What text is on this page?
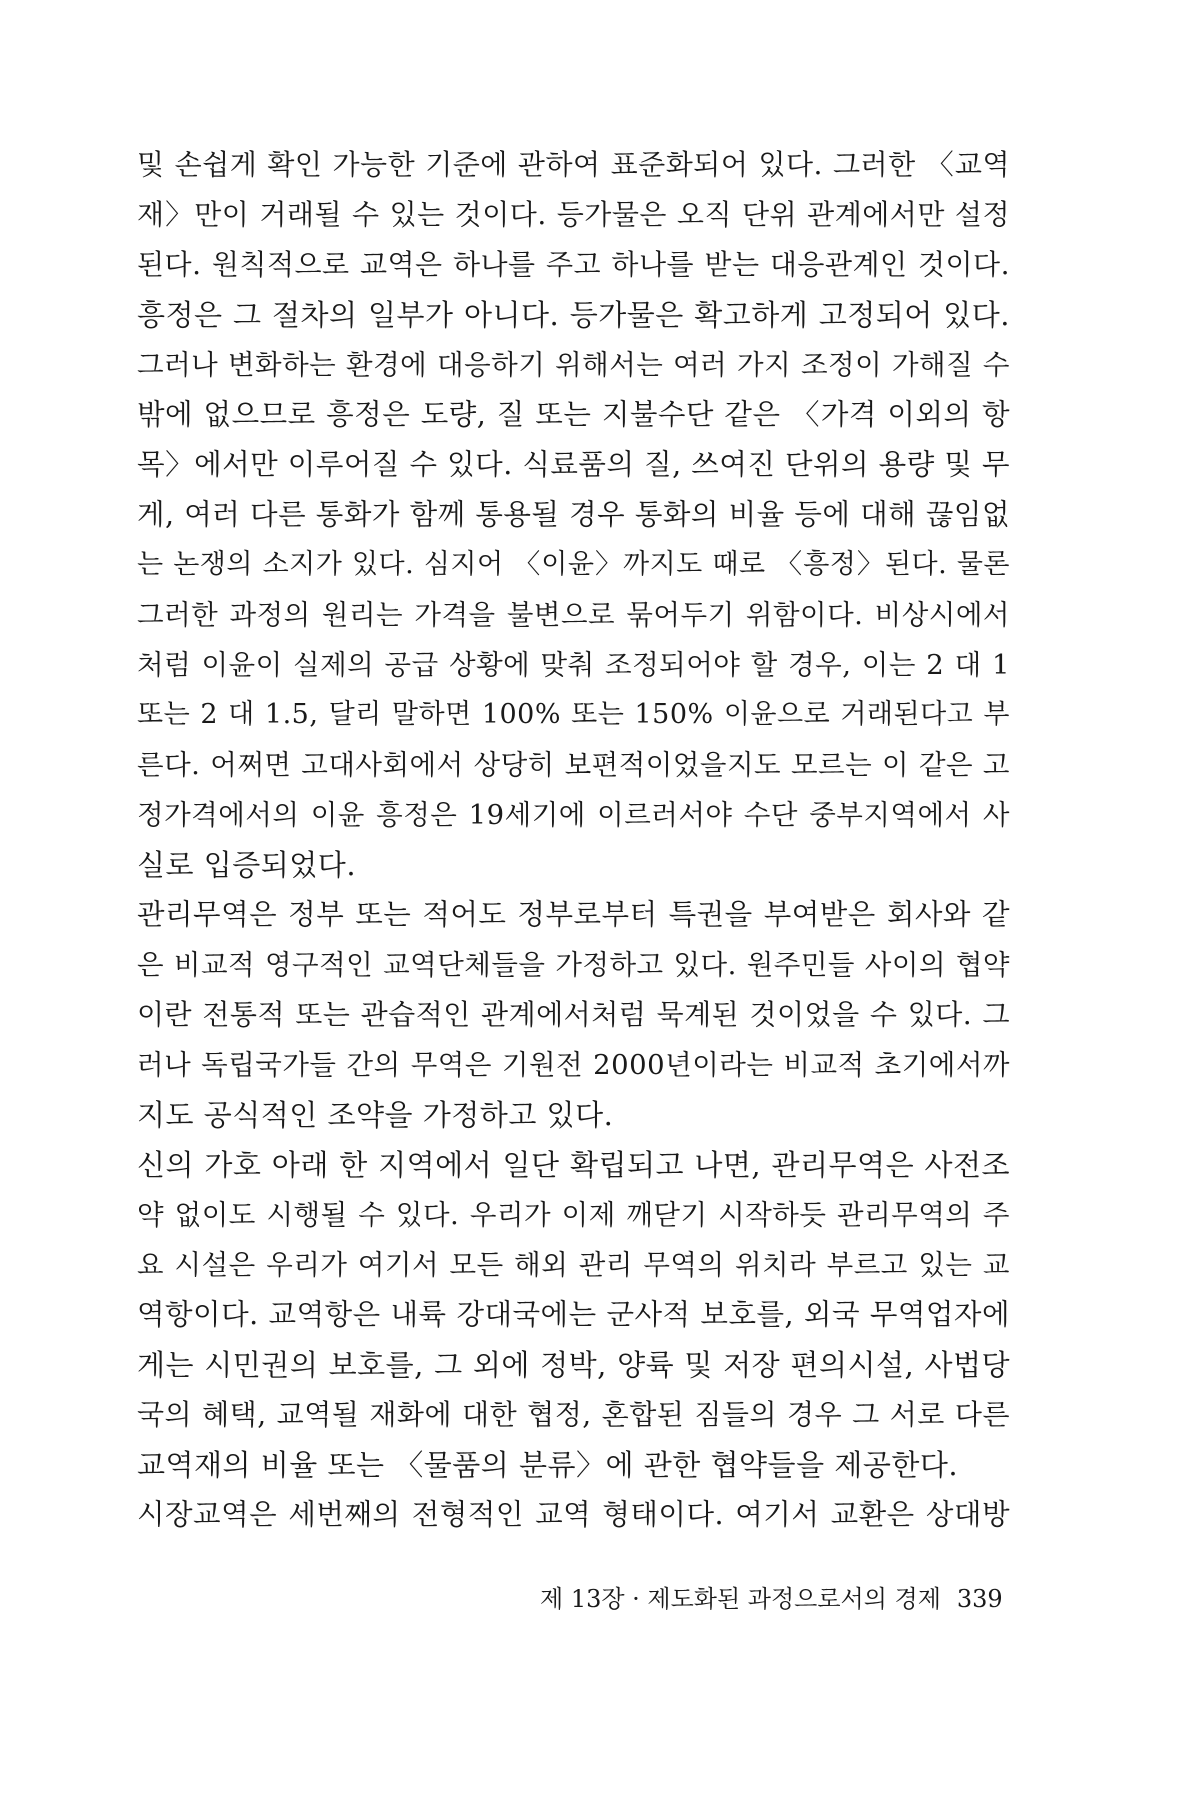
및 손쉽게 확인 가능한 기준에 관하여 표준화되어 있다. 그러한 〈교역
재〉만이 거래될 수 있는 것이다. 등가물은 오직 단위 관계에서만 설정
된다. 원칙적으로 교역은 하나를 주고 하나를 받는 대응관계인 것이다.
흥정은 그 절차의 일부가 아니다. 등가물은 확고하게 고정되어 있다.
그러나 변화하는 환경에 대응하기 위해서는 여러 가지 조정이 가해질 수
밖에 없으므로 흥정은 도량, 질 또는 지불수단 같은 〈가격 이외의 항
목〉에서만 이루어질 수 있다. 식료품의 질, 쓰여진 단위의 용량 및 무
게, 여러 다른 통화가 함께 통용될 경우 통화의 비율 등에 대해 끊임없
는 논쟁의 소지가 있다. 심지어 〈이윤〉까지도 때로 〈흥정〉된다. 물론
그러한 과정의 원리는 가격을 불변으로 묶어두기 위함이다. 비상시에서
처럼 이윤이 실제의 공급 상황에 맞춰 조정되어야 할 경우, 이는 2 대 1
또는 2 대 1.5, 달리 말하면 100% 또는 150% 이윤으로 거래된다고 부
른다. 어쩌면 고대사회에서 상당히 보편적이었을지도 모르는 이 같은 고
정가격에서의 이윤 흥정은 19세기에 이르러서야 수단 중부지역에서 사
실로 입증되었다.
관리무역은 정부 또는 적어도 정부로부터 특권을 부여받은 회사와 같
은 비교적 영구적인 교역단체들을 가정하고 있다. 원주민들 사이의 협약
이란 전통적 또는 관습적인 관계에서처럼 묵계된 것이었을 수 있다. 그
러나 독립국가들 간의 무역은 기원전 2000년이라는 비교적 초기에서까
지도 공식적인 조약을 가정하고 있다.
신의 가호 아래 한 지역에서 일단 확립되고 나면, 관리무역은 사전조
약 없이도 시행될 수 있다. 우리가 이제 깨닫기 시작하듯 관리무역의 주
요 시설은 우리가 여기서 모든 해외 관리 무역의 위치라 부르고 있는 교
역항이다. 교역항은 내륙 강대국에는 군사적 보호를, 외국 무역업자에
게는 시민권의 보호를, 그 외에 정박, 양륙 및 저장 편의시설, 사법당
국의 혜택, 교역될 재화에 대한 협정, 혼합된 짐들의 경우 그 서로 다른
교역재의 비율 또는 〈물품의 분류〉에 관한 협약들을 제공한다.
시장교역은 세번째의 전형적인 교역 형태이다. 여기서 교환은 상대방
제 13장 · 제도화된 과정으로서의 경제 339
